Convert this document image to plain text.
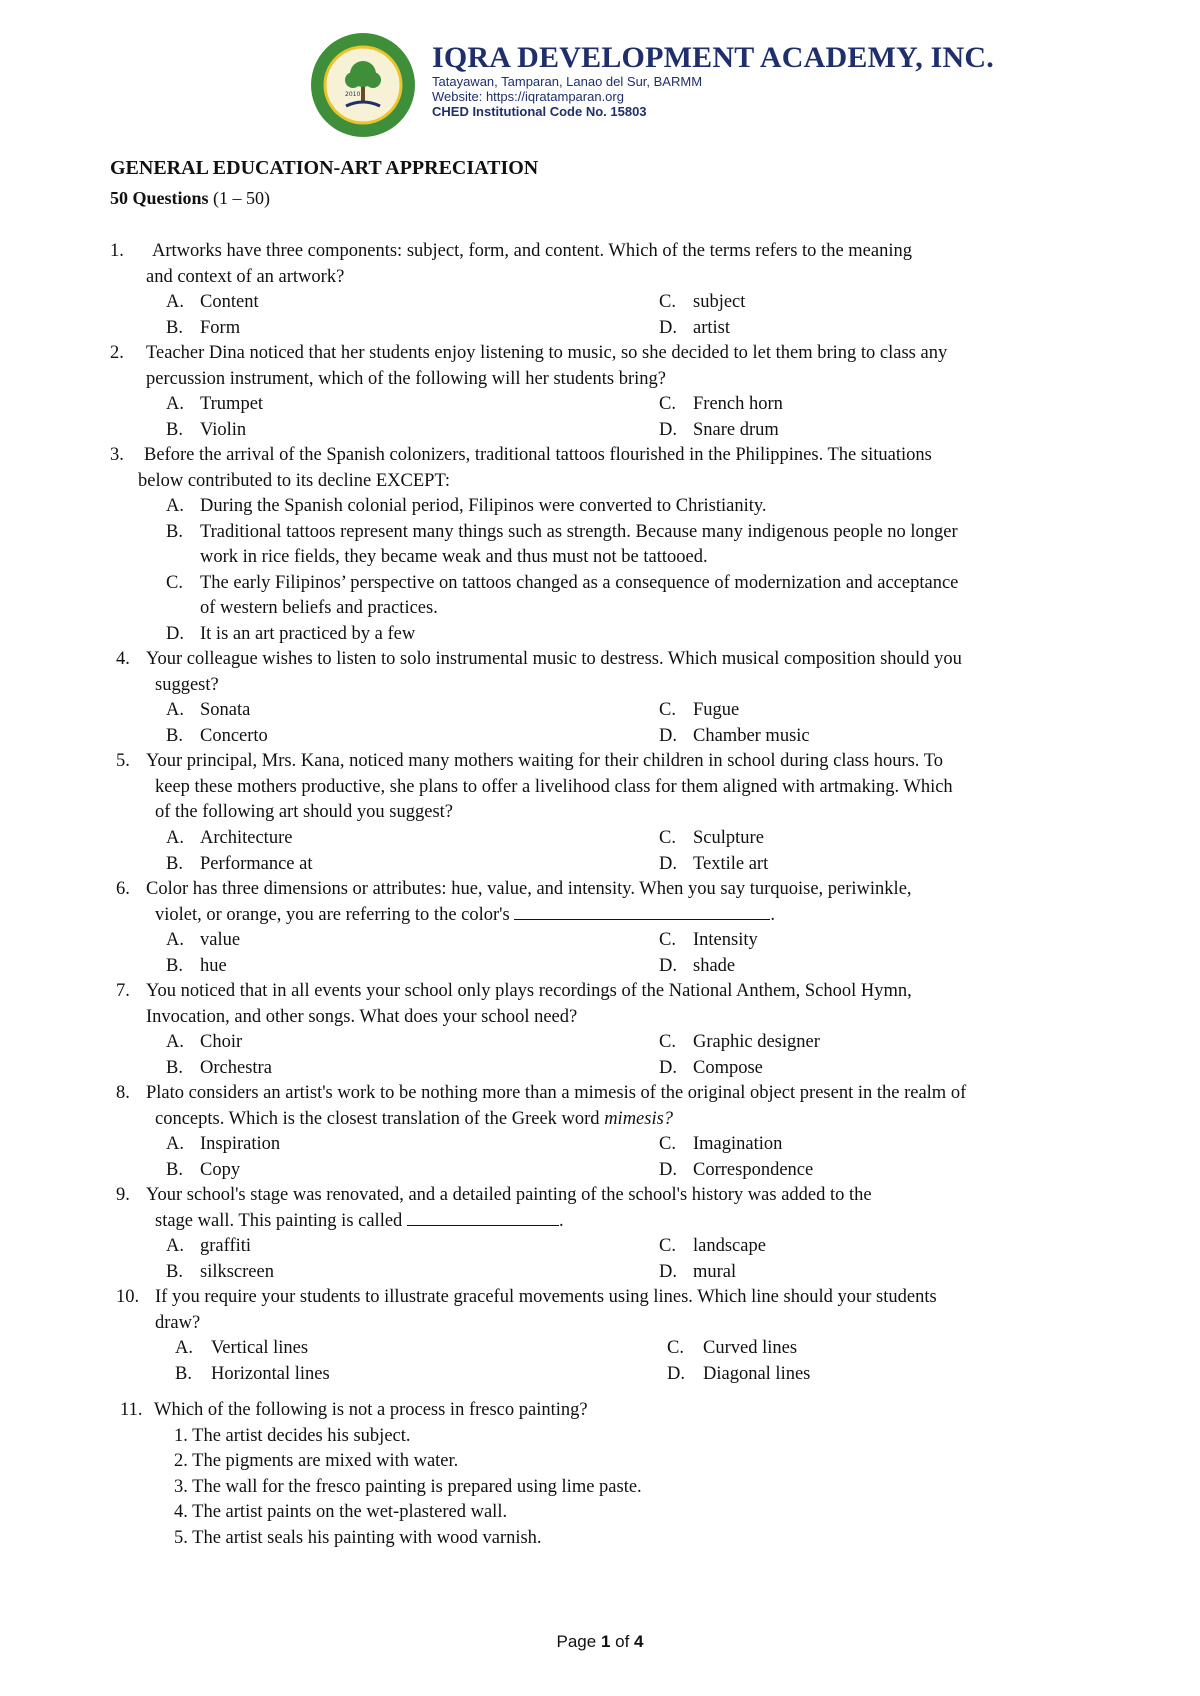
2010
IQRA DEVELOPMENT ACADEMY, INC.
Tatayawan, Tamparan, Lanao del Sur, BARMM
Website: https://iqratamparan.org
CHED Institutional Code No. 15803
GENERAL EDUCATION-ART APPRECIATION
50 Questions (1 – 50)
1. Artworks have three components: subject, form, and content. Which of the terms refers to the meaning
and context of an artwork?
A. Content	C. subject
B. Form	D. artist
2. Teacher Dina noticed that her students enjoy listening to music, so she decided to let them bring to class any
percussion instrument, which of the following will her students bring?
A. Trumpet	C. French horn
B. Violin	D. Snare drum
3. Before the arrival of the Spanish colonizers, traditional tattoos flourished in the Philippines. The situations
below contributed to its decline EXCEPT:
A. During the Spanish colonial period, Filipinos were converted to Christianity.
B. Traditional tattoos represent many things such as strength. Because many indigenous people no longer
work in rice fields, they became weak and thus must not be tattooed.
C. The early Filipinos’ perspective on tattoos changed as a consequence of modernization and acceptance
of western beliefs and practices.
D. It is an art practiced by a few
4. Your colleague wishes to listen to solo instrumental music to destress. Which musical composition should you
suggest?
A. Sonata	C. Fugue
B. Concerto	D. Chamber music
5. Your principal, Mrs. Kana, noticed many mothers waiting for their children in school during class hours. To
keep these mothers productive, she plans to offer a livelihood class for them aligned with artmaking. Which
of the following art should you suggest?
A. Architecture	C. Sculpture
B. Performance at	D. Textile art
6. Color has three dimensions or attributes: hue, value, and intensity. When you say turquoise, periwinkle,
violet, or orange, you are referring to the color's	.
A. value	C. Intensity
B. hue	D. shade
7. You noticed that in all events your school only plays recordings of the National Anthem, School Hymn,
Invocation, and other songs. What does your school need?
A. Choir	C. Graphic designer
B. Orchestra	D. Compose
8. Plato considers an artist's work to be nothing more than a mimesis of the original object present in the realm of
concepts. Which is the closest translation of the Greek word mimesis?
A. Inspiration	C. Imagination
B. Copy	D. Correspondence
9. Your school's stage was renovated, and a detailed painting of the school's history was added to the
stage wall. This painting is called	.
A. graffiti	C. landscape
B. silkscreen	D. mural
10. If you require your students to illustrate graceful movements using lines. Which line should your students
draw?
A. Vertical lines	C. Curved lines
B. Horizontal lines	D. Diagonal lines
11. Which of the following is not a process in fresco painting?
1. The artist decides his subject.
2. The pigments are mixed with water.
3. The wall for the fresco painting is prepared using lime paste.
4. The artist paints on the wet-plastered wall.
5. The artist seals his painting with wood varnish.
Page 1 of 4
